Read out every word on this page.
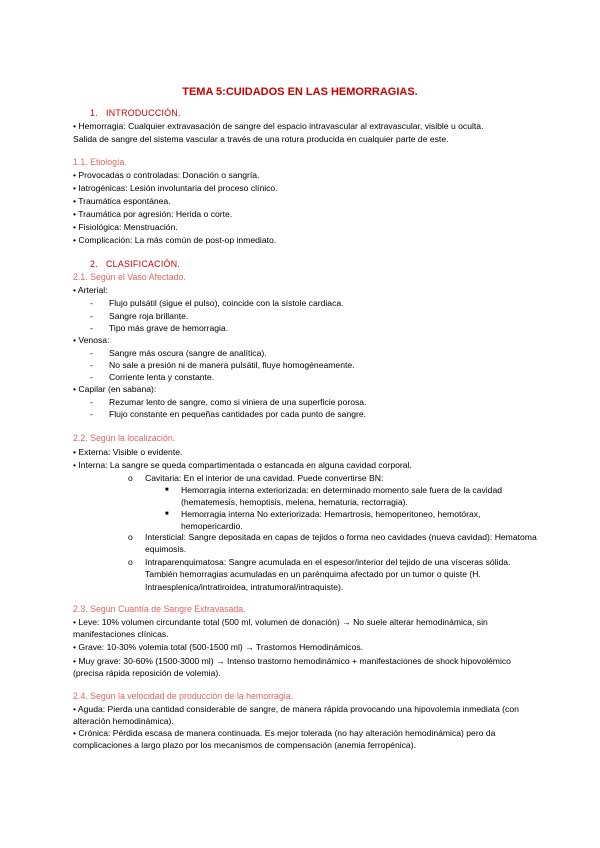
TEMA 5:CUIDADOS EN LAS HEMORRAGIAS.
1. INTRODUCCIÓN.
• Hemorragia: Cualquier extravasación de sangre del espacio intravascular al extravascular, visible u oculta.
Salida de sangre del sistema vascular a través de una rotura producida en cualquier parte de este.
1.1. Etiología.
• Provocadas o controladas: Donación o sangría.
• Iatrogénicas: Lesión involuntaria del proceso clínico.
• Traumática espontánea.
• Traumática por agresión: Herida o corte.
• Fisiológica: Menstruación.
• Complicación: La más común de post-op inmediato.
2. CLASIFICACIÓN.
2.1. Según el Vaso Afectado.
• Arterial:
- Flujo pulsátil (sigue el pulso), coincide con la sístole cardiaca.
- Sangre roja brillante.
- Tipo más grave de hemorragia.
• Venosa:
- Sangre más oscura (sangre de analítica).
- No sale a presión ni de manera pulsátil, fluye homogéneamente.
- Corriente lenta y constante.
• Capilar (en sabana):
- Rezumar lento de sangre, como si viniera de una superficie porosa.
- Flujo constante en pequeñas cantidades por cada punto de sangre.
2.2. Según la localización.
• Externa: Visible o evidente.
• Interna: La sangre se queda compartimentada o estancada en alguna cavidad corporal.
o Cavitaria: En el interior de una cavidad. Puede convertirse BN:
■ Hemorragia interna exteriorizada: en determinado momento sale fuera de la cavidad (hematemesis, hemoptisis, melena, hematuria, rectorragia).
■ Hemorragia interna No exteriorizada: Hemartrosis, hemoperitoneo, hemotórax, hemopericardio.
o Intersticial: Sangre depositada en capas de tejidos o forma neo cavidades (nueva cavidad): Hematoma equimosis.
o Intraparenquimatosa: Sangre acumulada en el espesor/interior del tejido de una vísceras sólida. También hemorragias acumuladas en un parénquima afectado por un tumor o quiste (H. Intraesplenica/intratiroidea, intratumoral/intraquiste).
2.3. Según Cuantía de Sangre Extravasada.
• Leve: 10% volumen circundante total (500 ml, volumen de donación) → No suele alterar hemodinámica, sin manifestaciones clínicas.
• Grave: 10-30% volemia total (500-1500 ml) → Trastornos Hemodinámicos.
• Muy grave: 30-60% (1500-3000 ml) → Intenso trastorno hemodinámico + manifestaciones de shock hipovolémico (precisa rápida reposición de volemia).
2.4. Según la velocidad de producción de la hemorragia.
• Aguda: Pierda una cantidad considerable de sangre, de manera rápida provocando una hipovolemia inmediata (con alteración hemodinámica).
• Crónica: Pérdida escasa de manera continuada. Es mejor tolerada (no hay alteración hemodinámica) pero da complicaciones a largo plazo por los mecanismos de compensación (anemia ferropénica).
